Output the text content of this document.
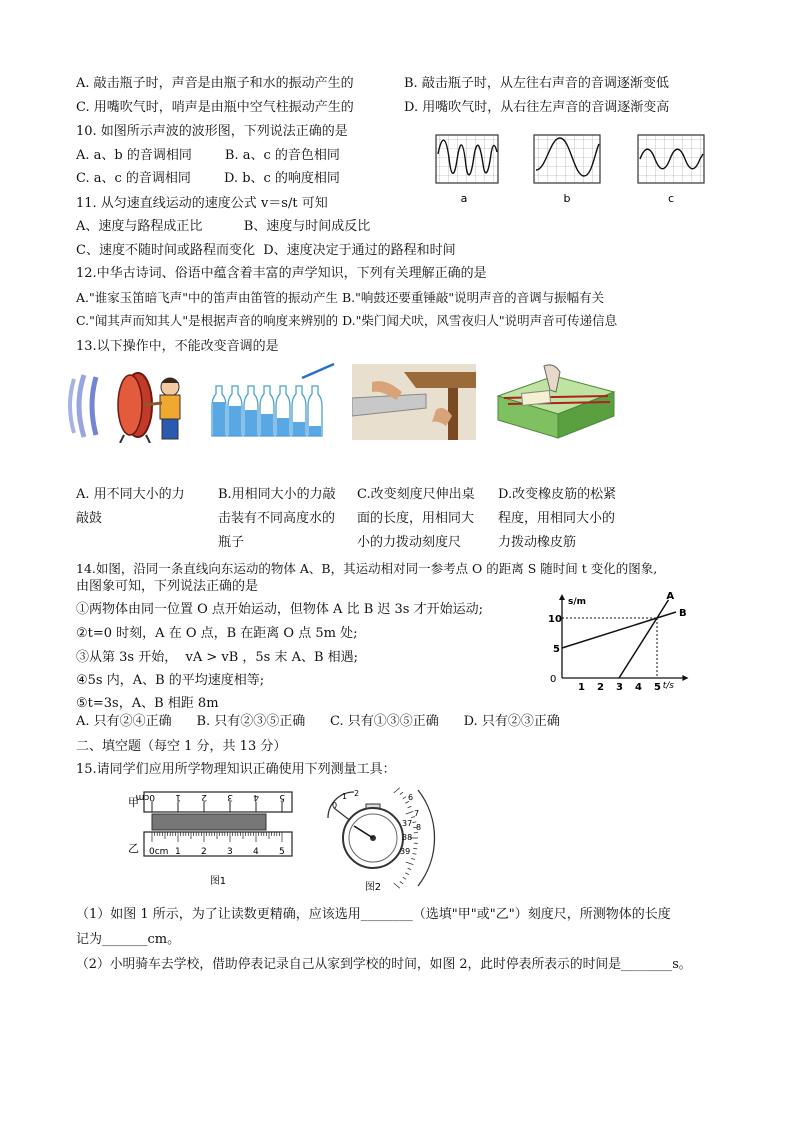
A. 敲击瓶子时，声音是由瓶子和水的振动产生的	B. 敲击瓶子时，从左往右声音的音调逐渐变低
C. 用嘴吹气时，哨声是由瓶中空气柱振动产生的	D. 用嘴吹气时，从右往左声音的音调逐渐变高
10. 如图所示声波的波形图，下列说法正确的是
A. a、b 的音调相同        B. a、c 的音色相同
C. a、c 的音调相同        D. b、c 的响度相同
a	b	c
11. 从匀速直线运动的速度公式 v＝s/t 可知
A、速度与路程成正比          B、速度与时间成反比
C、速度不随时间或路程而变化  D、速度决定于通过的路程和时间
12.中华古诗词、俗语中蕴含着丰富的声学知识，下列有关理解正确的是
A."谁家玉笛暗飞声"中的笛声由笛管的振动产生 B."响鼓还要重锤敲"说明声音的音调与振幅有关
C."闻其声而知其人"是根据声音的响度来辨别的 D."柴门闻犬吠，风雪夜归人"说明声音可传递信息
13.以下操作中，不能改变音调的是
A. 用不同大小的力
敲鼓
B.用相同大小的力敲
击装有不同高度水的
瓶子
C.改变刻度尺伸出桌
面的长度，用相同大
小的力拨动刻度尺
D.改变橡皮筋的松紧
程度，用相同大小的
力拨动橡皮筋
14.如图，沿同一条直线向东运动的物体 A、B，其运动相对同一参考点 O 的距离 S 随时间 t 变化的图象,
由图象可知，下列说法正确的是
①两物体由同一位置 O 点开始运动，但物体 A 比 B 迟 3s 才开始运动;
②t=0 时刻，A 在 O 点，B 在距离 O 点 5m 处;
③从第 3s 开始，  vA > vB ，5s 末 A、B 相遇;
④5s 内，A、B 的平均速度相等;
⑤t=3s，A、B 相距 8m
A. 只有②④正确      B. 只有②③⑤正确      C. 只有①③⑤正确      D. 只有②③正确
s/m
t/s
0
1 2 3 4 5
5
10
A
B
二、填空题（每空 1 分，共 13 分）
15.请同学们应用所学物理知识正确使用下列测量工具：
甲	5
4
3
2
1
0cm
乙 0cm 1 2 3 4 5
图1
0
1 2	6
7
8
37
38
39
图2
（1）如图 1 所示，为了让读数更精确，应该选用________（选填"甲"或"乙"）刻度尺，所测物体的长度
记为_______cm。
（2）小明骑车去学校，借助停表记录自己从家到学校的时间，如图 2，此时停表所表示的时间是________s。
